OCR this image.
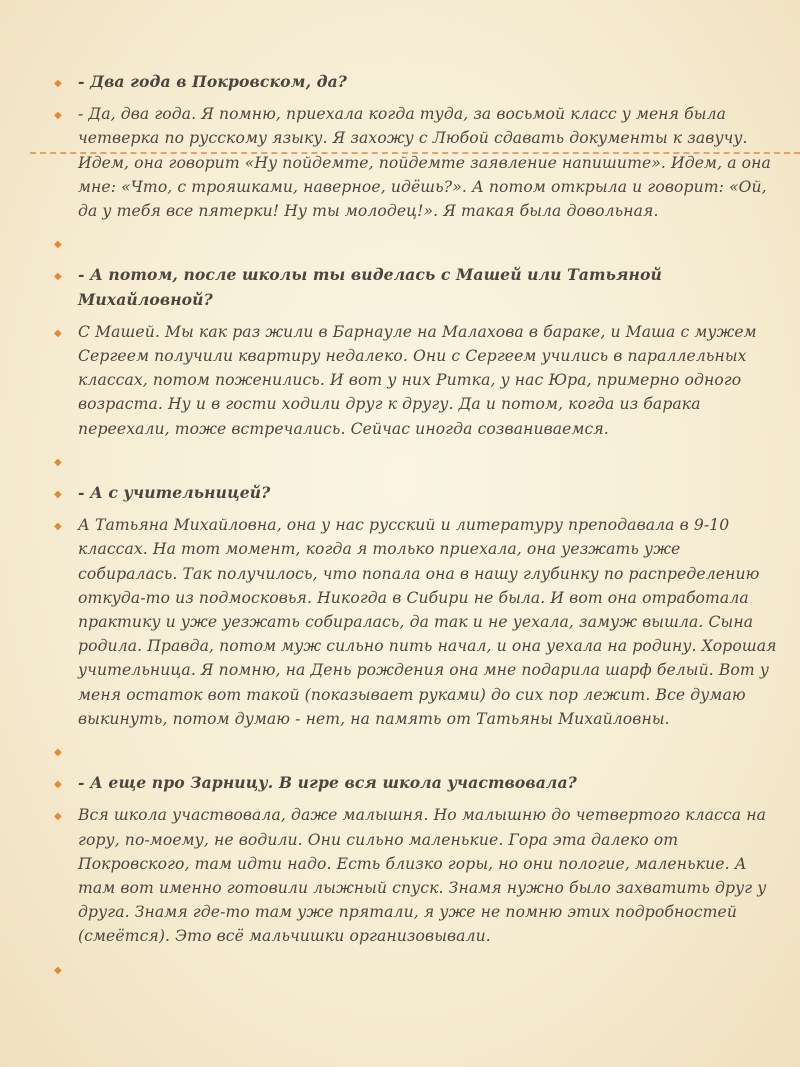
◆ - Два года в Покровском, да?
◆ - Да, два года. Я помню, приехала когда туда, за восьмой класс у меня была четверка по русскому языку. Я захожу с Любой сдавать документы к завучу. Идем, она говорит «Ну пойдемте, пойдемте заявление напишите». Идем, а она мне: «Что, с трояшками, наверное, идёшь?». А потом открыла и говорит: «Ой, да у тебя все пятерки! Ну ты молодец!». Я такая была довольная.
◆
◆ - А потом, после школы ты виделась с Машей или Татьяной Михайловной?
◆ С Машей. Мы как раз жили в Барнауле на Малахова в бараке, и Маша с мужем Сергеем получили квартиру недалеко. Они с Сергеем учились в параллельных классах, потом поженились. И вот у них Ритка, у нас Юра, примерно одного возраста. Ну и в гости ходили друг к другу. Да и потом, когда из барака переехали, тоже встречались. Сейчас иногда созваниваемся.
◆
◆ - А с учительницей?
◆ А Татьяна Михайловна, она у нас русский и литературу преподавала в 9-10 классах. На тот момент, когда я только приехала, она уезжать уже собиралась. Так получилось, что попала она в нашу глубинку по распределению откуда-то из подмосковья. Никогда в Сибири не была. И вот она отработала практику и уже уезжать собиралась, да так и не уехала, замуж вышла. Сына родила. Правда, потом муж сильно пить начал, и она уехала на родину. Хорошая учительница. Я помню, на День рождения она мне подарила шарф белый. Вот у меня остаток вот такой (показывает руками) до сих пор лежит. Все думаю выкинуть, потом думаю - нет, на память от Татьяны Михайловны.
◆
◆ - А еще про Зарницу. В игре вся школа участвовала?
◆ Вся школа участвовала, даже малышня. Но малышню до четвертого класса на гору, по-моему, не водили. Они сильно маленькие. Гора эта далеко от Покровского, там идти надо. Есть близко горы, но они пологие, маленькие. А там вот именно готовили лыжный спуск. Знамя нужно было захватить друг у друга. Знамя где-то там уже прятали, я уже не помню этих подробностей (смеётся). Это всё мальчишки организовывали.
◆
